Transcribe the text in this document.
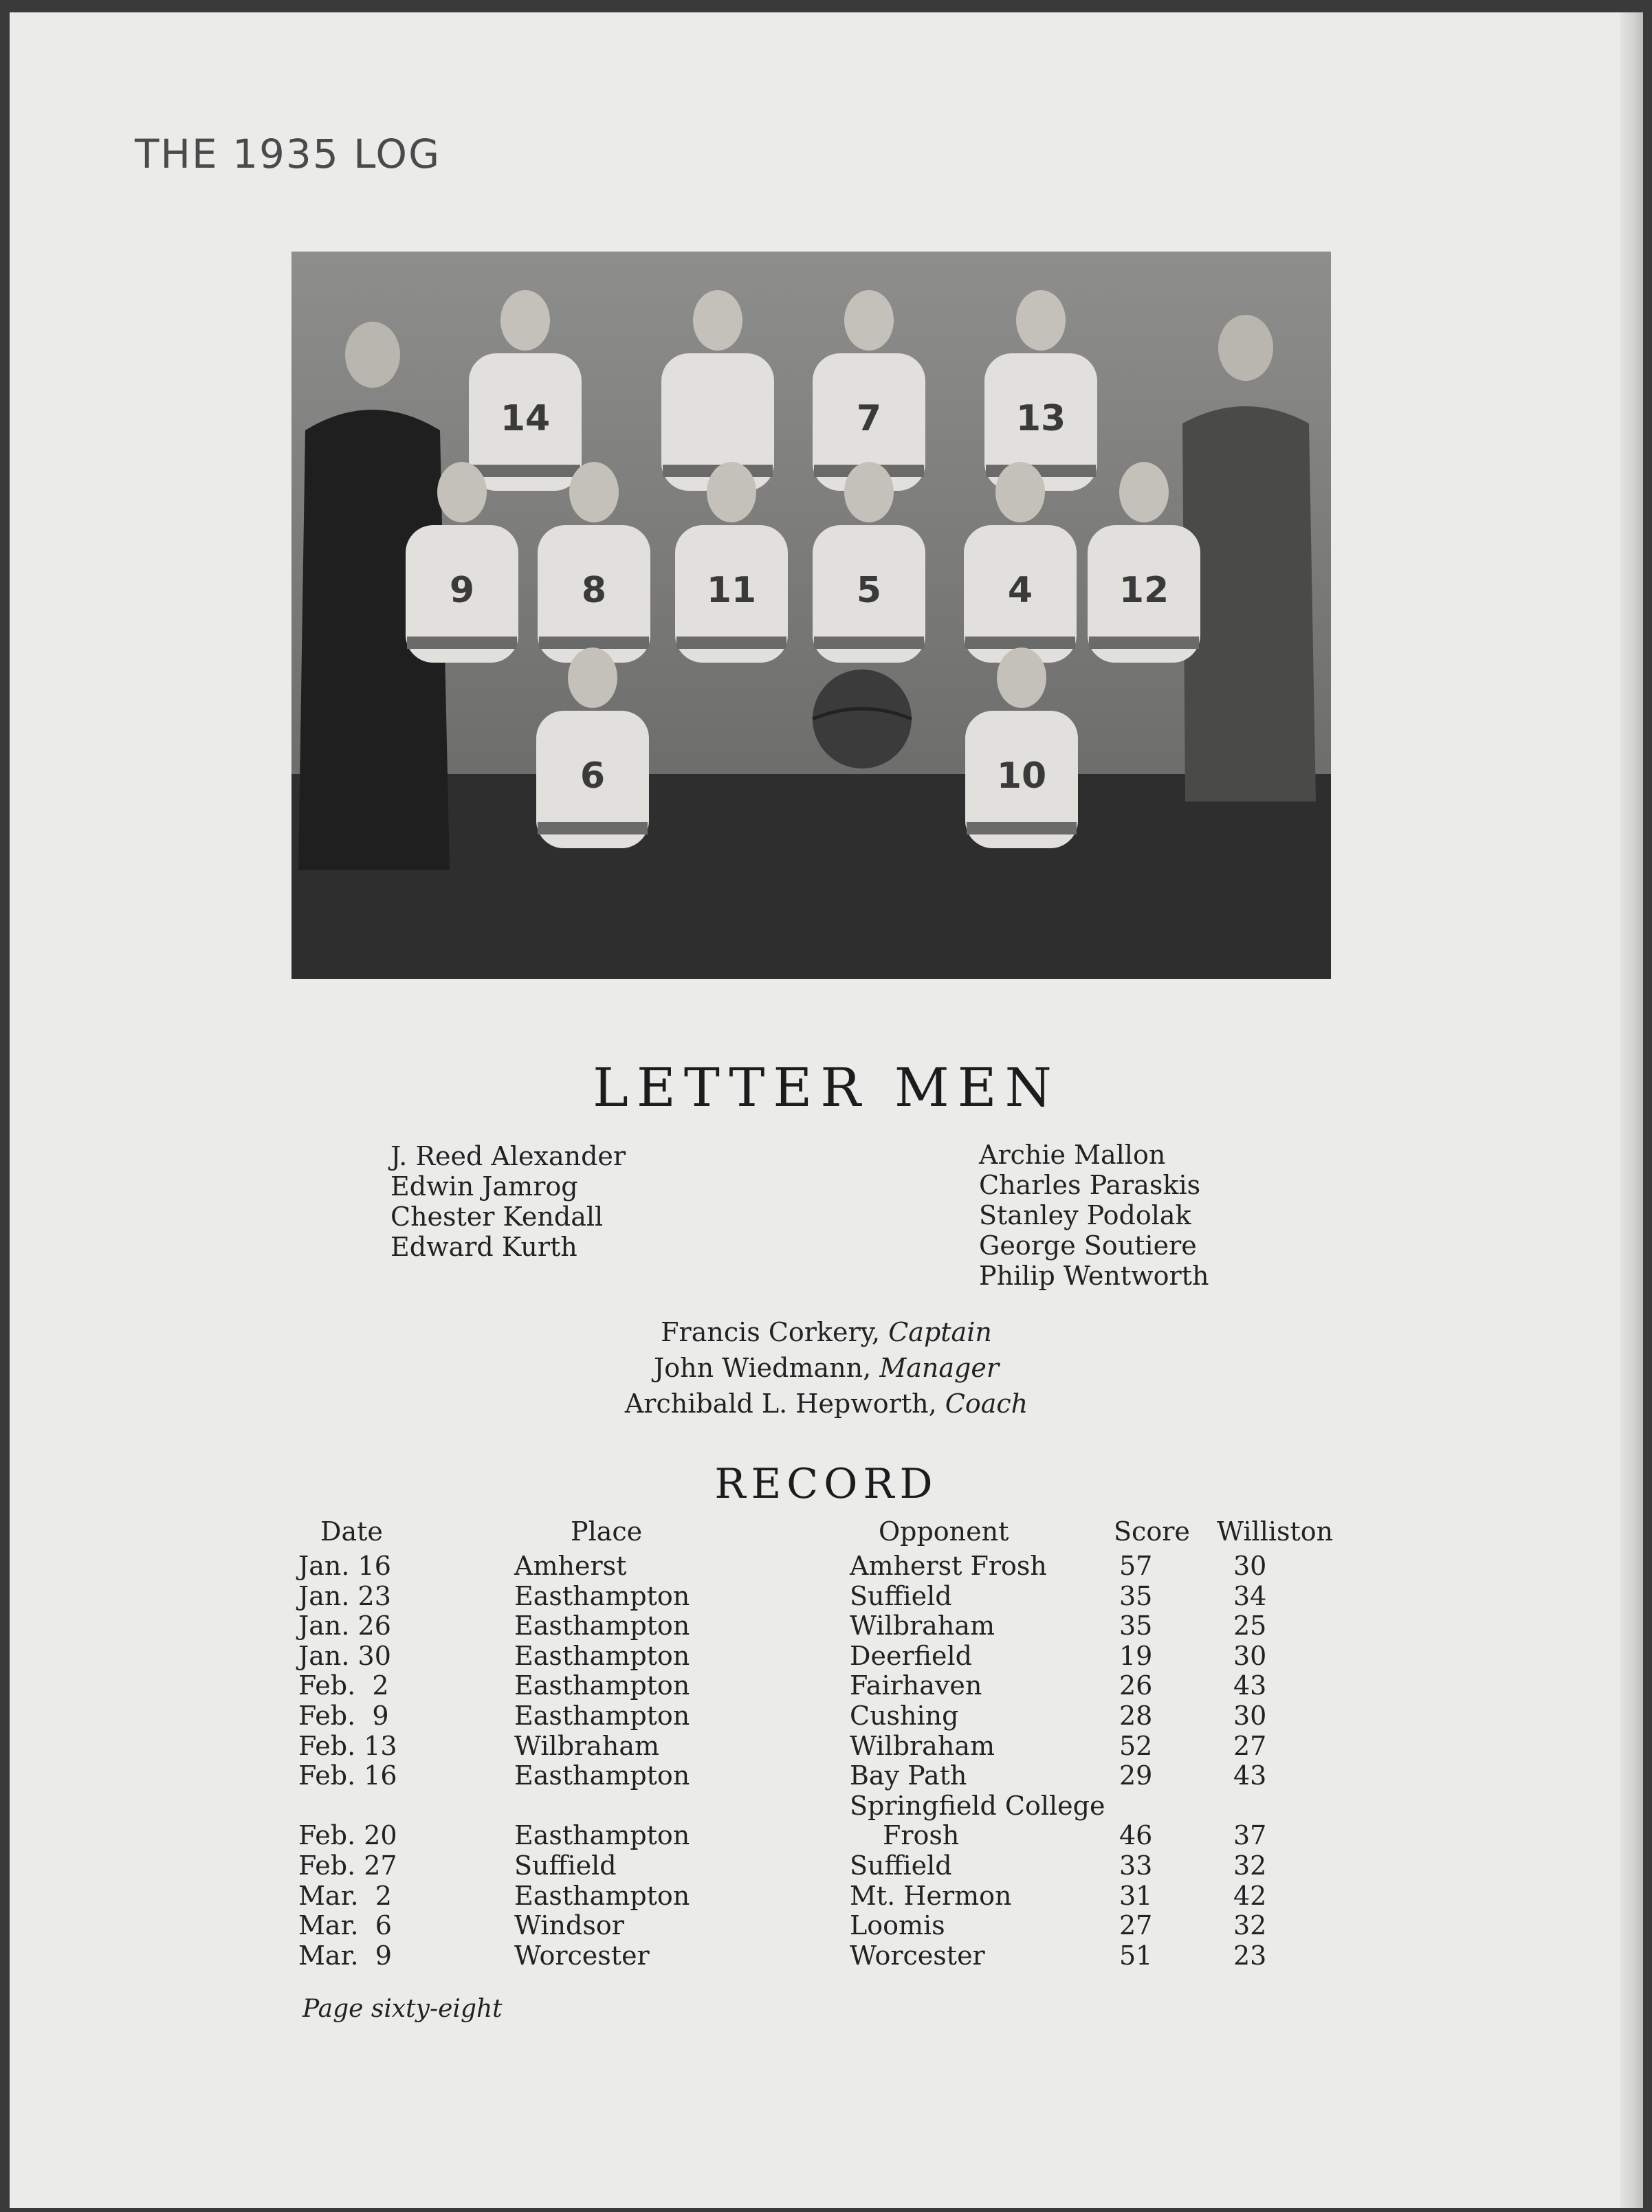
THE 1935 LOG
14	7	13
9	8	11	5	4 12
6	10
LETTER MEN
J. Reed Alexander
Edwin Jamrog
Chester Kendall
Edward Kurth
Archie Mallon
Charles Paraskis
Stanley Podolak
George Soutiere
Philip Wentworth
Francis Corkery, Captain
John Wiedmann, Manager
Archibald L. Hepworth, Coach
RECORD
Date	Place	Opponent	Score Williston
Jan. 16	Amherst	Amherst Frosh	57	30
Jan. 23	Easthampton	Suffield	35	34
Jan. 26	Easthampton	Wilbraham	35	25
Jan. 30	Easthampton	Deerfield	19	30
Feb.  2	Easthampton	Fairhaven	26	43
Feb.  9	Easthampton	Cushing	28	30
Feb. 13	Wilbraham	Wilbraham	52	27
Feb. 16	Easthampton	Bay Path	29	43
Springfield College
Feb. 20	Easthampton	Frosh	46	37
Feb. 27	Suffield	Suffield	33	32
Mar.  2	Easthampton	Mt. Hermon	31	42
Mar.  6	Windsor	Loomis	27	32
Mar.  9	Worcester	Worcester	51	23
Page sixty-eight
